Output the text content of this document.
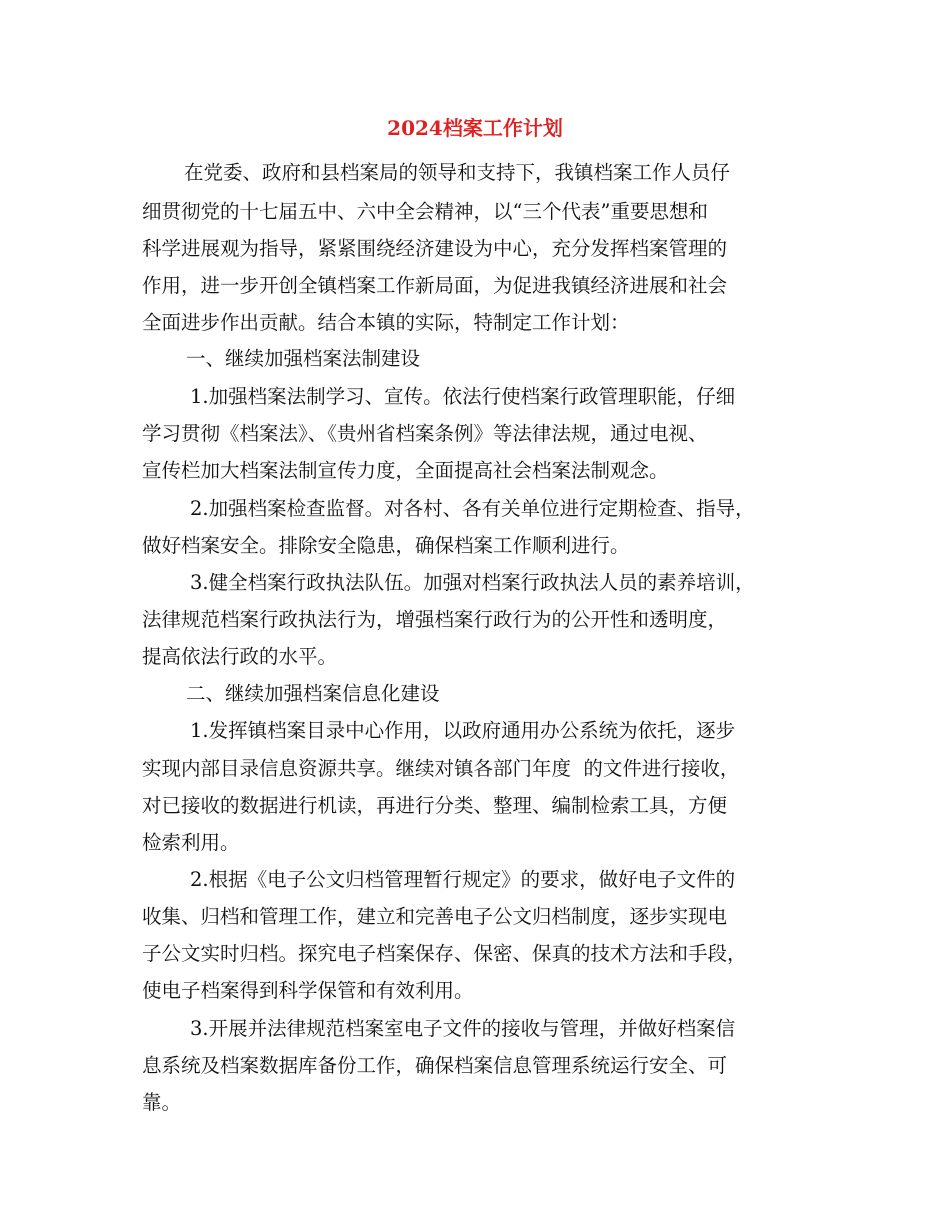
2024档案工作计划
在党委、政府和县档案局的领导和支持下，我镇档案工作人员仔
细贯彻党的十七届五中、六中全会精神，以“三个代表”重要思想和
科学进展观为指导，紧紧围绕经济建设为中心，充分发挥档案管理的
作用，进一步开创全镇档案工作新局面，为促进我镇经济进展和社会
全面进步作出贡献。结合本镇的实际，特制定工作计划：
一、继续加强档案法制建设
1.加强档案法制学习、宣传。依法行使档案行政管理职能，仔细
学习贯彻《档案法》、《贵州省档案条例》等法律法规，通过电视、
宣传栏加大档案法制宣传力度，全面提高社会档案法制观念。
2.加强档案检查监督。对各村、各有关单位进行定期检查、指导，
做好档案安全。排除安全隐患，确保档案工作顺利进行。
3.健全档案行政执法队伍。加强对档案行政执法人员的素养培训，
法律规范档案行政执法行为，增强档案行政行为的公开性和透明度，
提高依法行政的水平。
二、继续加强档案信息化建设
1.发挥镇档案目录中心作用，以政府通用办公系统为依托，逐步
实现内部目录信息资源共享。继续对镇各部门年度  的文件进行接收，
对已接收的数据进行机读，再进行分类、整理、编制检索工具，方便
检索利用。
2.根据《电子公文归档管理暂行规定》的要求，做好电子文件的
收集、归档和管理工作，建立和完善电子公文归档制度，逐步实现电
子公文实时归档。探究电子档案保存、保密、保真的技术方法和手段，
使电子档案得到科学保管和有效利用。
3.开展并法律规范档案室电子文件的接收与管理，并做好档案信
息系统及档案数据库备份工作，确保档案信息管理系统运行安全、可
靠。
